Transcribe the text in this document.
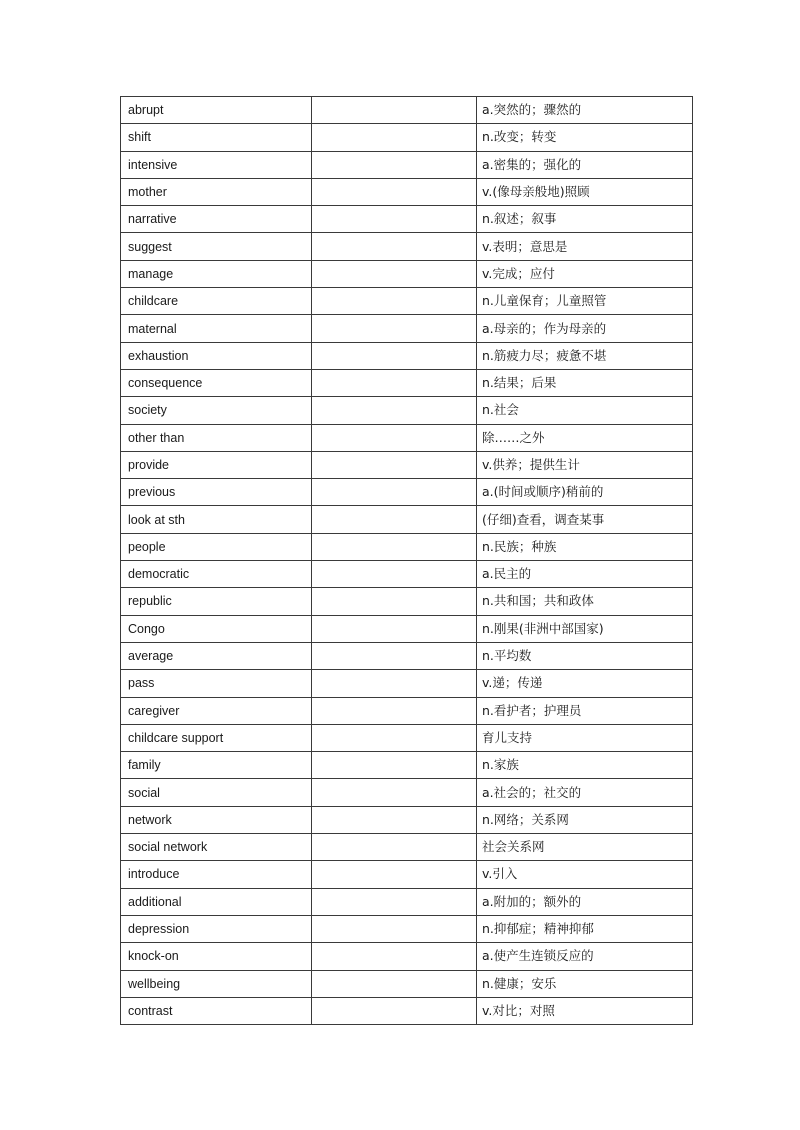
abrupt		a.突然的；骤然的
shift		n.改变；转变
intensive		a.密集的；强化的
mother		v.(像母亲般地)照顾
narrative		n.叙述；叙事
suggest		v.表明；意思是
manage		v.完成；应付
childcare		n.儿童保育；儿童照管
maternal		a.母亲的；作为母亲的
exhaustion		n.筋疲力尽；疲惫不堪
consequence		n.结果；后果
society		n.社会
other than		除……之外
provide		v.供养；提供生计
previous		a.(时间或顺序)稍前的
look at sth		(仔细)查看，调查某事
people		n.民族；种族
democratic		a.民主的
republic		n.共和国；共和政体
Congo		n.刚果(非洲中部国家)
average		n.平均数
pass		v.递；传递
caregiver		n.看护者；护理员
childcare support		育儿支持
family		n.家族
social		a.社会的；社交的
network		n.网络；关系网
social network		社会关系网
introduce		v.引入
additional		a.附加的；额外的
depression		n.抑郁症；精神抑郁
knock-on		a.使产生连锁反应的
wellbeing		n.健康；安乐
contrast		v.对比；对照
